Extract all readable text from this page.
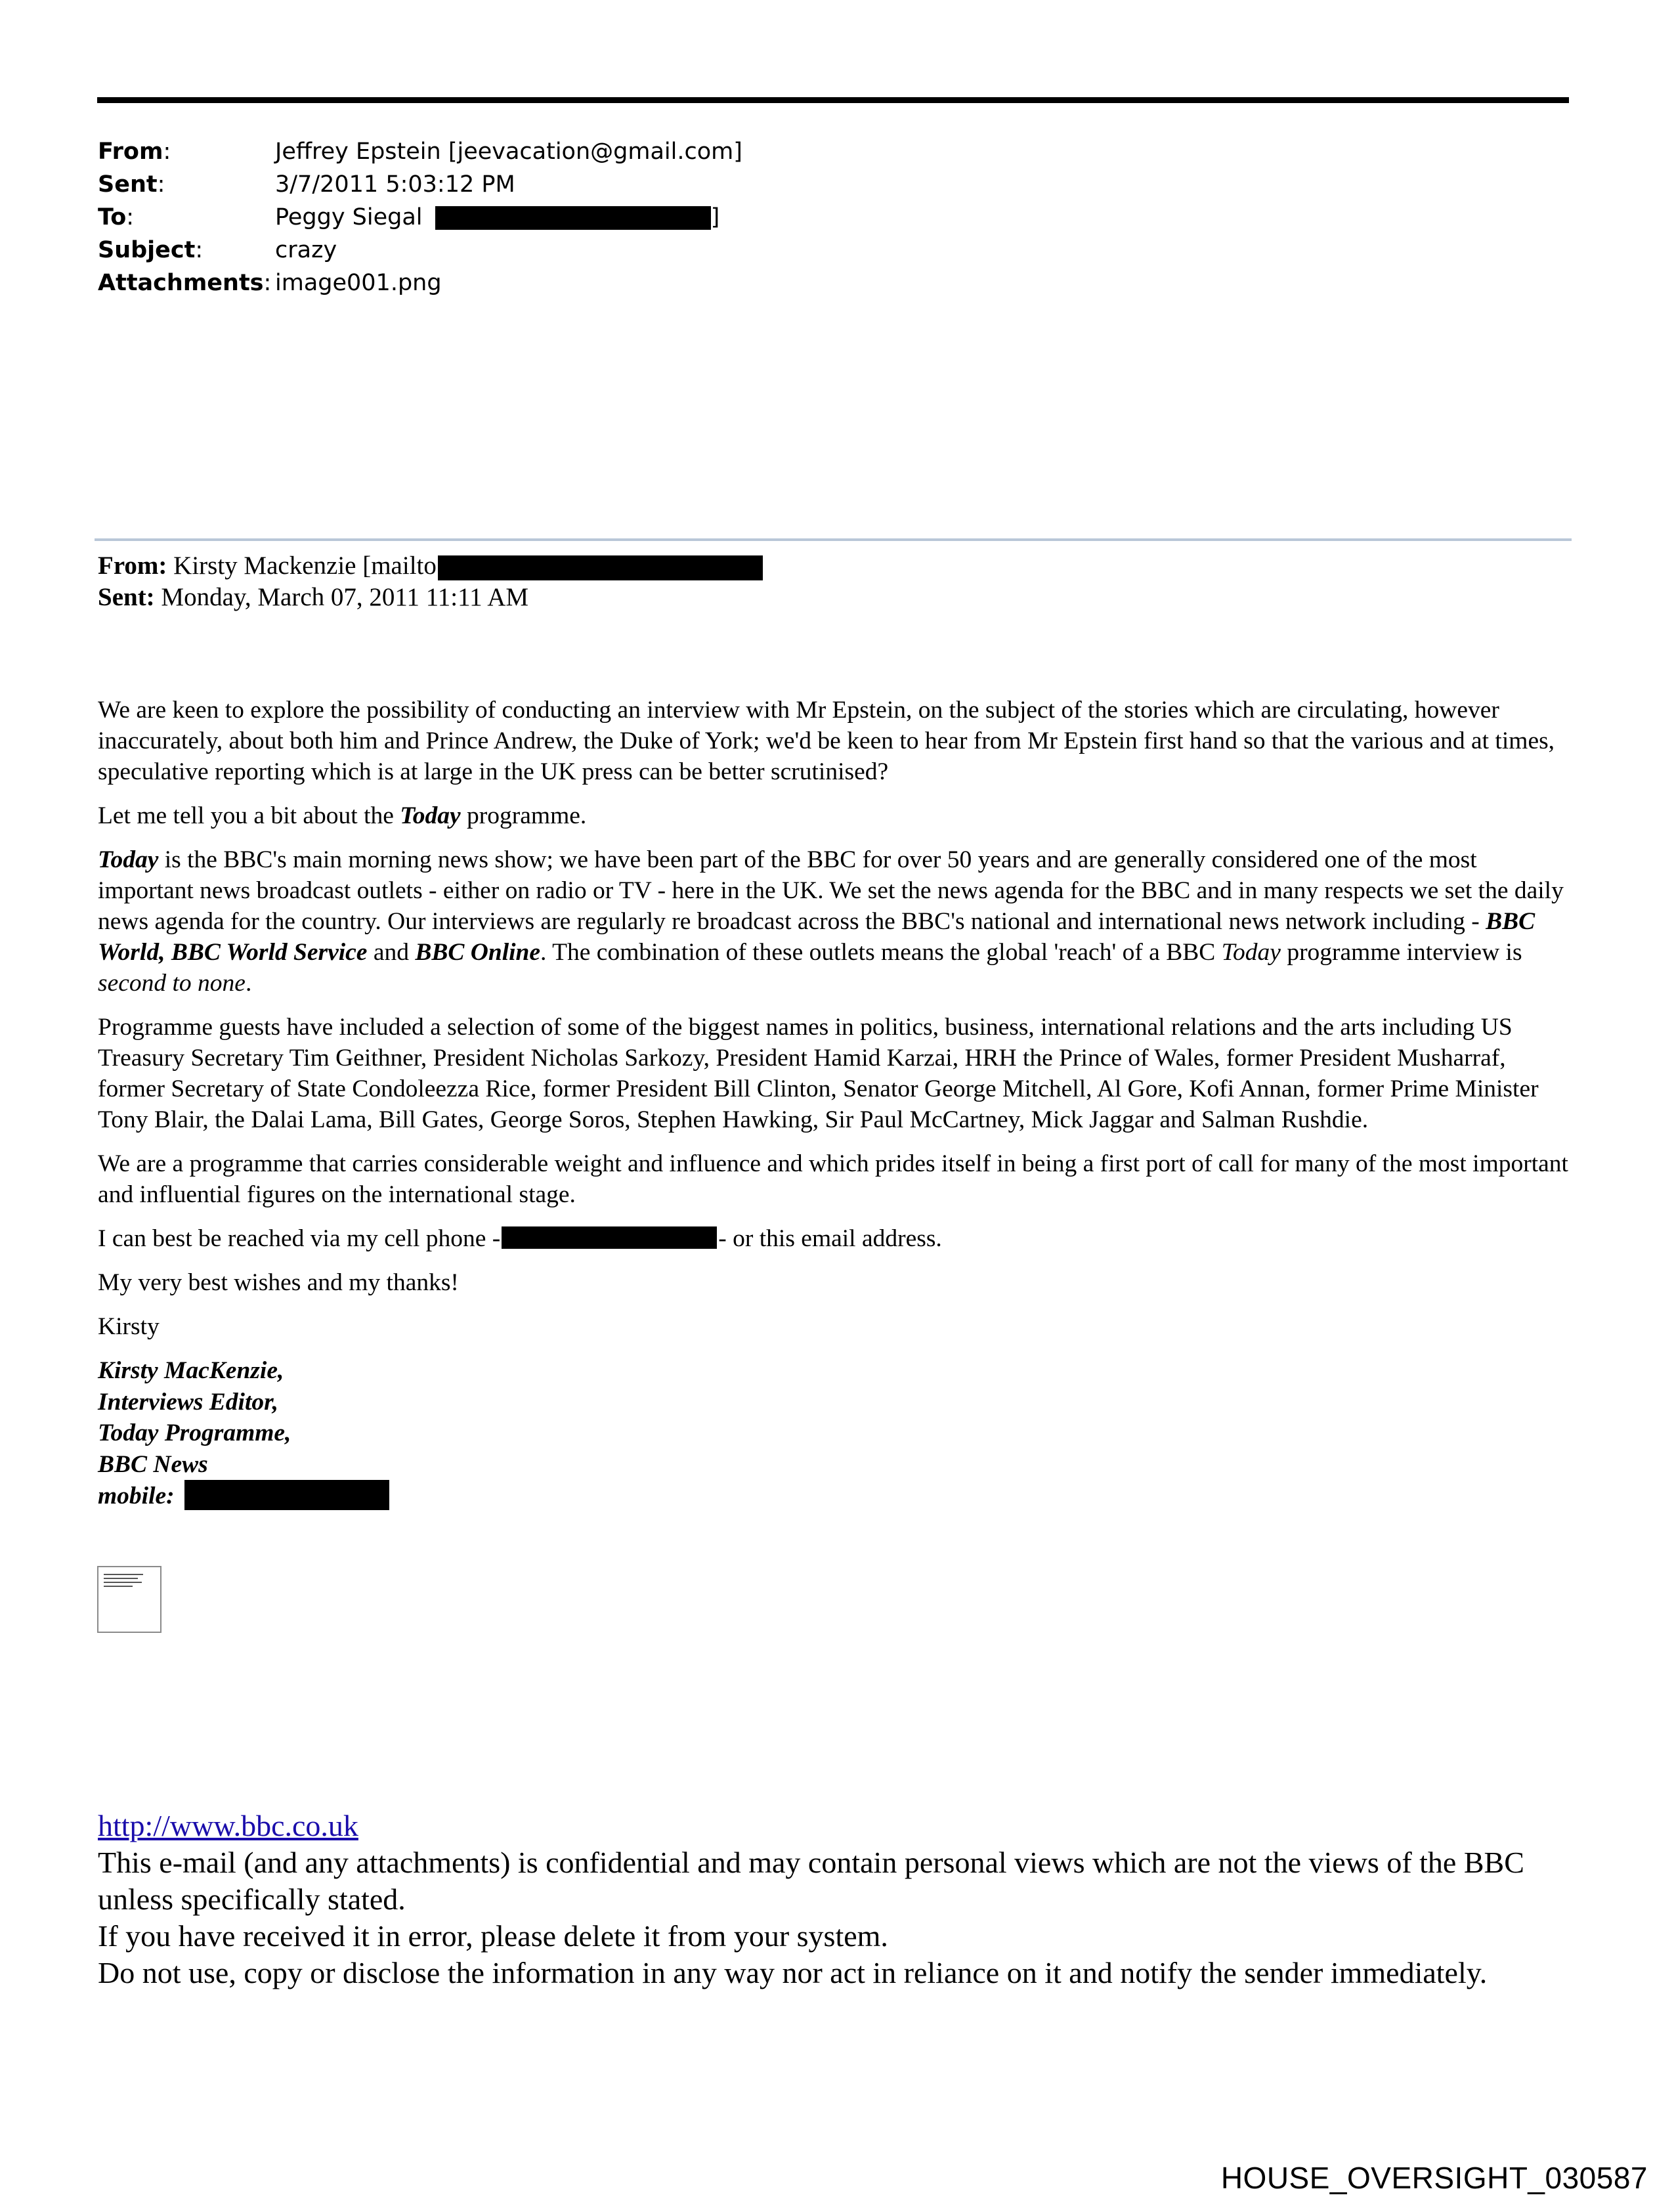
From:	Jeffrey Epstein [jeevacation@gmail.com]
Sent:	3/7/2011 5:03:12 PM
To:	Peggy Siegal	]
Subject:	crazy
Attachments: image001.png
From: Kirsty Mackenzie [mailto
Sent: Monday, March 07, 2011 11:11 AM

We are keen to explore the possibility of conducting an interview with Mr Epstein, on the subject of the stories which are circulating, however inaccurately, about both him and Prince Andrew, the Duke of York; we'd be keen to hear from Mr Epstein first hand so that the various and at times, speculative reporting which is at large in the UK press can be better scrutinised?

Let me tell you a bit about the Today programme.

Today is the BBC's main morning news show; we have been part of the BBC for over 50 years and are generally considered one of the most important news broadcast outlets - either on radio or TV - here in the UK. We set the news agenda for the BBC and in many respects we set the daily news agenda for the country. Our interviews are regularly re broadcast across the BBC's national and international news network including - BBC World, BBC World Service and BBC Online. The combination of these outlets means the global 'reach' of a BBC Today programme interview is second to none.

Programme guests have included a selection of some of the biggest names in politics, business, international relations and the arts including US Treasury Secretary Tim Geithner, President Nicholas Sarkozy, President Hamid Karzai, HRH the Prince of Wales, former President Musharraf, former Secretary of State Condoleezza Rice, former President Bill Clinton, Senator George Mitchell, Al Gore, Kofi Annan, former Prime Minister Tony Blair, the Dalai Lama, Bill Gates, George Soros, Stephen Hawking, Sir Paul McCartney, Mick Jaggar and Salman Rushdie.

We are a programme that carries considerable weight and influence and which prides itself in being a first port of call for many of the most important and influential figures on the international stage.

I can best be reached via my cell phone -	- or this email address.

My very best wishes and my thanks!

Kirsty

Kirsty MacKenzie,
Interviews Editor,
Today Programme,
BBC News
mobile:

http://www.bbc.co.uk

This e-mail (and any attachments) is confidential and may contain personal views which are not the views of the BBC unless specifically stated.

If you have received it in error, please delete it from your system.

Do not use, copy or disclose the information in any way nor act in reliance on it and notify the sender immediately.

HOUSE_OVERSIGHT_030587
